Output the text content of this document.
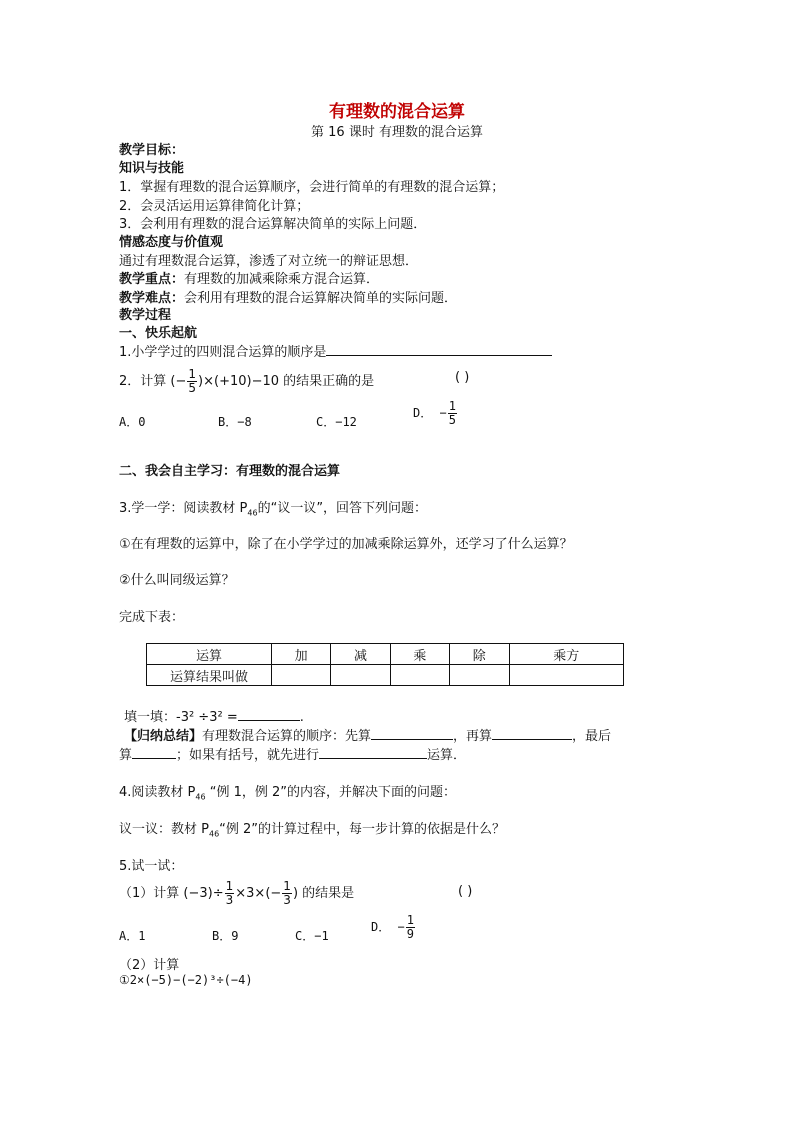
有理数的混合运算
第 16 课时 有理数的混合运算
教学目标：
知识与技能
1．掌握有理数的混合运算顺序，会进行简单的有理数的混合运算；
2．会灵活运用运算律简化计算；
3．会利用有理数的混合运算解决简单的实际上问题．
情感态度与价值观
通过有理数混合运算，渗透了对立统一的辩证思想．
教学重点：有理数的加减乘除乘方混合运算．
教学难点：会利用有理数的混合运算解决简单的实际问题．
教学过程
一、快乐起航
1.小学学过的四则混合运算的顺序是
2．计算 (− $\frac{1}{5} )\times(+10)-10$ 的结果正确的是	( )
A．0	B．−8	C．−12
D． − $\frac{1}{5}$
二、我会自主学习：有理数的混合运算
3.学一学：阅读教材 $P_{46}$的“议一议”，回答下列问题：
①在有理数的运算中，除了在小学学过的加减乘除运算外，还学习了什么运算？
②什么叫同级运算？
完成下表：
运算	加	减	乘	除	乘方
运算结果叫做					
填一填：-3² ÷3² =	.
【归纳总结】有理数混合运算的顺序：先算	，再算	，最后
算	；如果有括号，就先进行	运算．
4.阅读教材 $P_{46}$ “例 1，例 2”的内容，并解决下面的问题：
议一议：教材 $P_{46}“$例 2”的计算过程中，每一步计算的依据是什么？
5.试一试：
（1）计算 $(-3)\div \frac{1}{3} \times 3\times(- \frac{1}{3}$ ) 的结果是	( )
A．1	B．9	C．−1
D． − $\frac{1}{9}$
（2）计算
①2×(−5)−(−2)³÷(−4)
